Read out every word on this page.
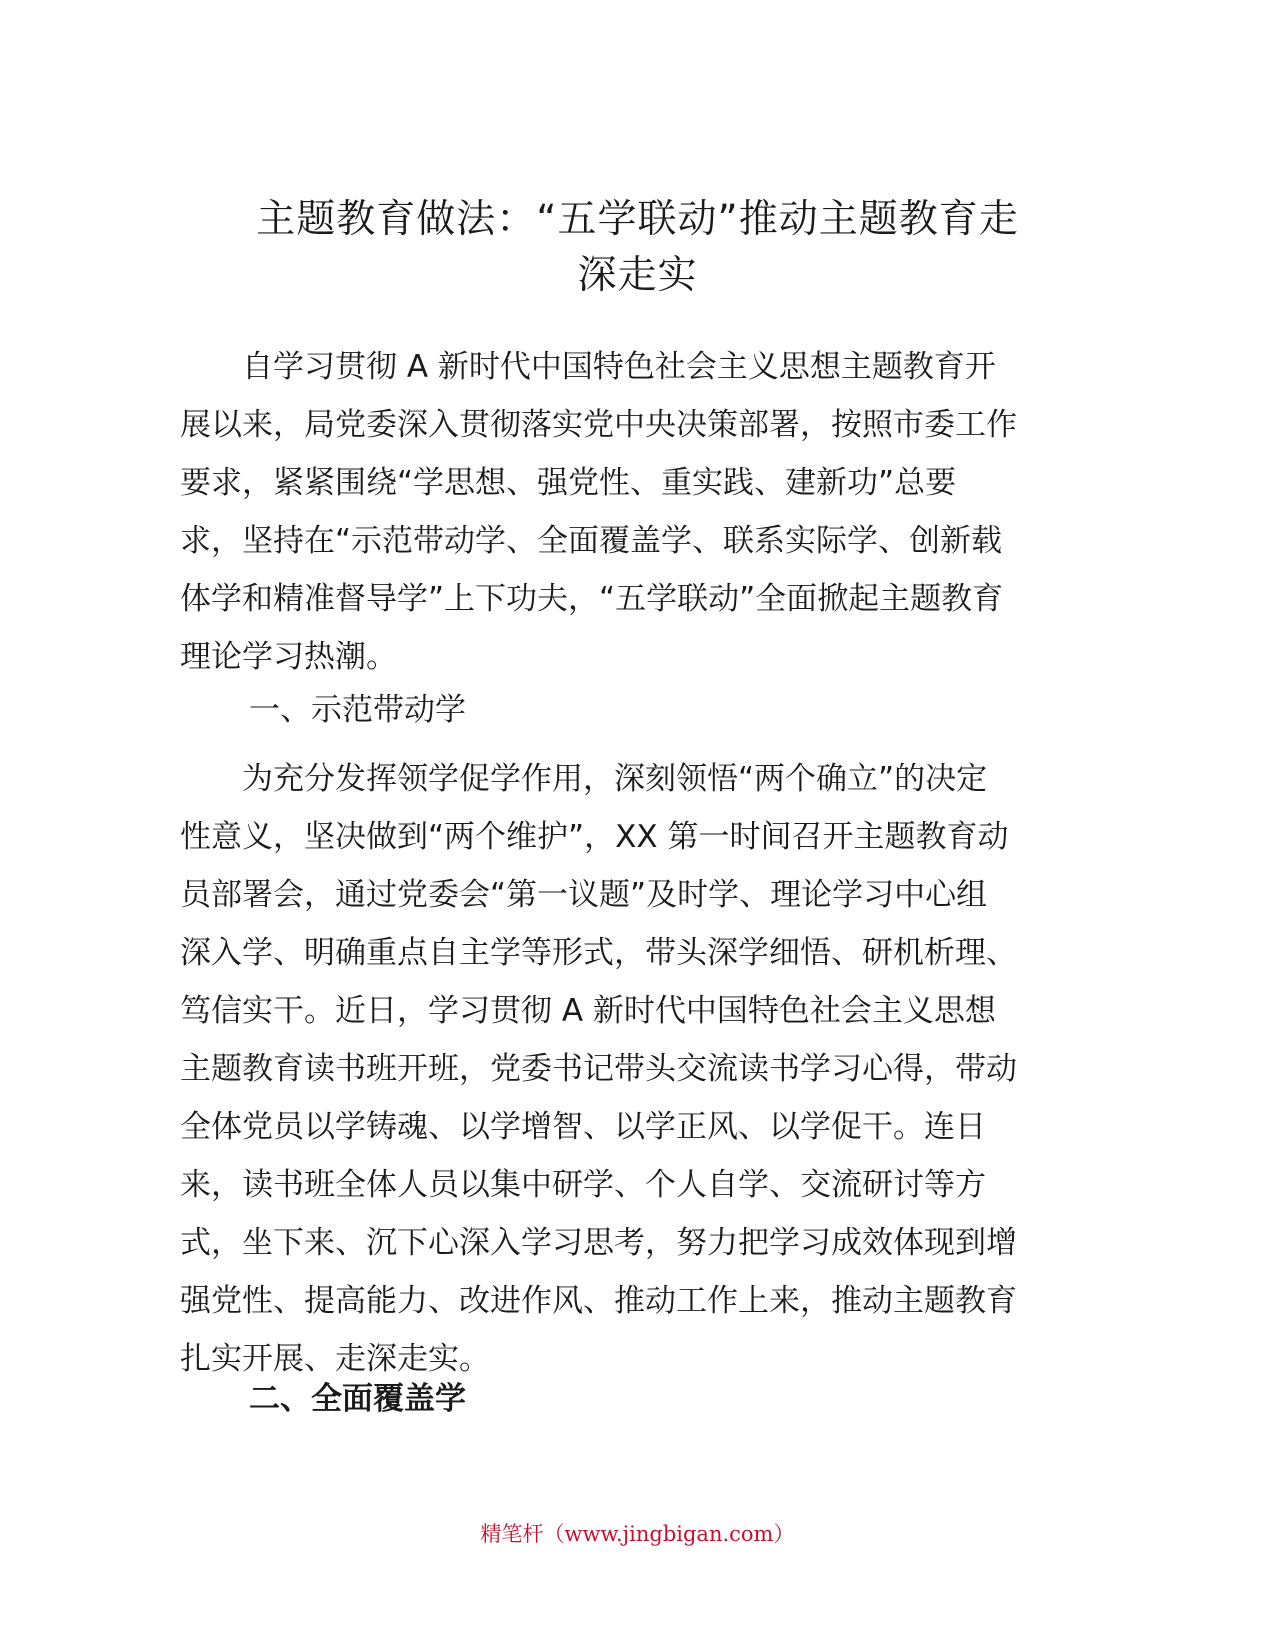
主题教育做法：“五学联动”推动主题教育走
深走实

　　自学习贯彻 A 新时代中国特色社会主义思想主题教育开
展以来，局党委深入贯彻落实党中央决策部署，按照市委工作
要求，紧紧围绕“学思想、强党性、重实践、建新功”总要
求，坚持在“示范带动学、全面覆盖学、联系实际学、创新载
体学和精准督导学”上下功夫，“五学联动”全面掀起主题教育
理论学习热潮。

一、示范带动学

　　为充分发挥领学促学作用，深刻领悟“两个确立”的决定
性意义，坚决做到“两个维护”，XX 第一时间召开主题教育动
员部署会，通过党委会“第一议题”及时学、理论学习中心组
深入学、明确重点自主学等形式，带头深学细悟、研机析理、
笃信实干。近日，学习贯彻 A 新时代中国特色社会主义思想
主题教育读书班开班，党委书记带头交流读书学习心得，带动
全体党员以学铸魂、以学增智、以学正风、以学促干。连日
来，读书班全体人员以集中研学、个人自学、交流研讨等方
式，坐下来、沉下心深入学习思考，努力把学习成效体现到增
强党性、提高能力、改进作风、推动工作上来，推动主题教育
扎实开展、走深走实。

二、全面覆盖学
精笔杆（www.jingbigan.com）
